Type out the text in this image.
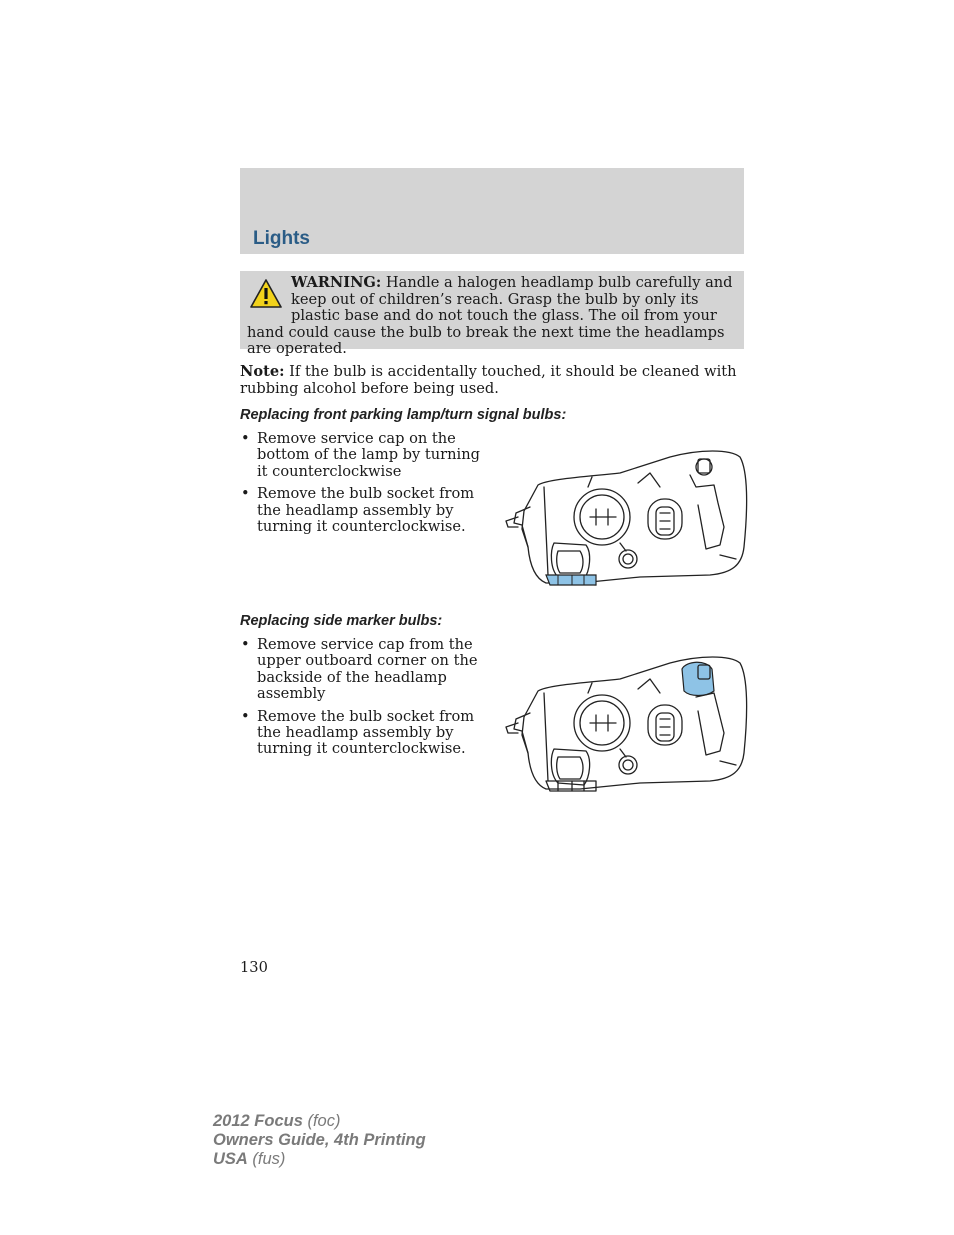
Lights
WARNING: Handle a halogen headlamp bulb carefully and keep out of children’s reach. Grasp the bulb by only its plastic base and do not touch the glass. The oil from your hand could cause the bulb to break the next time the headlamps are operated.
Note: If the bulb is accidentally touched, it should be cleaned with rubbing alcohol before being used.
Replacing front parking lamp/turn signal bulbs:
• Remove service cap on the bottom of the lamp by turning it counterclockwise
• Remove the bulb socket from the headlamp assembly by turning it counterclockwise.
Replacing side marker bulbs:
• Remove service cap from the upper outboard corner on the backside of the headlamp assembly
• Remove the bulb socket from the headlamp assembly by turning it counterclockwise.
130
2012 Focus (foc)
Owners Guide, 4th Printing
USA (fus)
